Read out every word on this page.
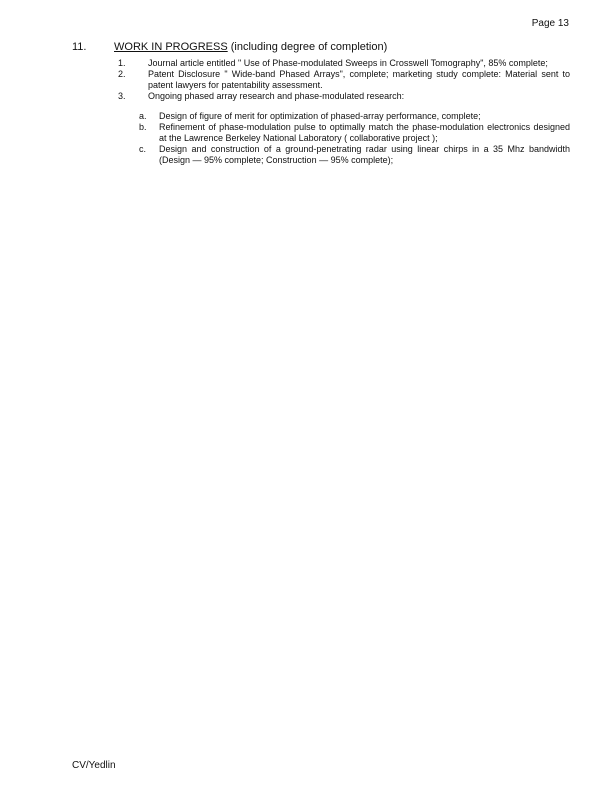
Page 13
11.	WORK IN PROGRESS (including degree of completion)
1.	Journal article entitled " Use of Phase-modulated Sweeps in Crosswell Tomography", 85% complete;
2.	Patent Disclosure " Wide-band Phased Arrays", complete; marketing study complete: Material sent to patent lawyers for patentability assessment.
3.	Ongoing phased array research and phase-modulated research:
a.	Design of figure of merit for optimization of phased-array performance, complete;
b.	Refinement of phase-modulation pulse to optimally match the phase-modulation electronics designed at the Lawrence Berkeley National Laboratory ( collaborative project );
c.	Design and construction of a ground-penetrating radar using linear chirps in a 35 Mhz bandwidth (Design — 95% complete; Construction — 95% complete);
CV/Yedlin
